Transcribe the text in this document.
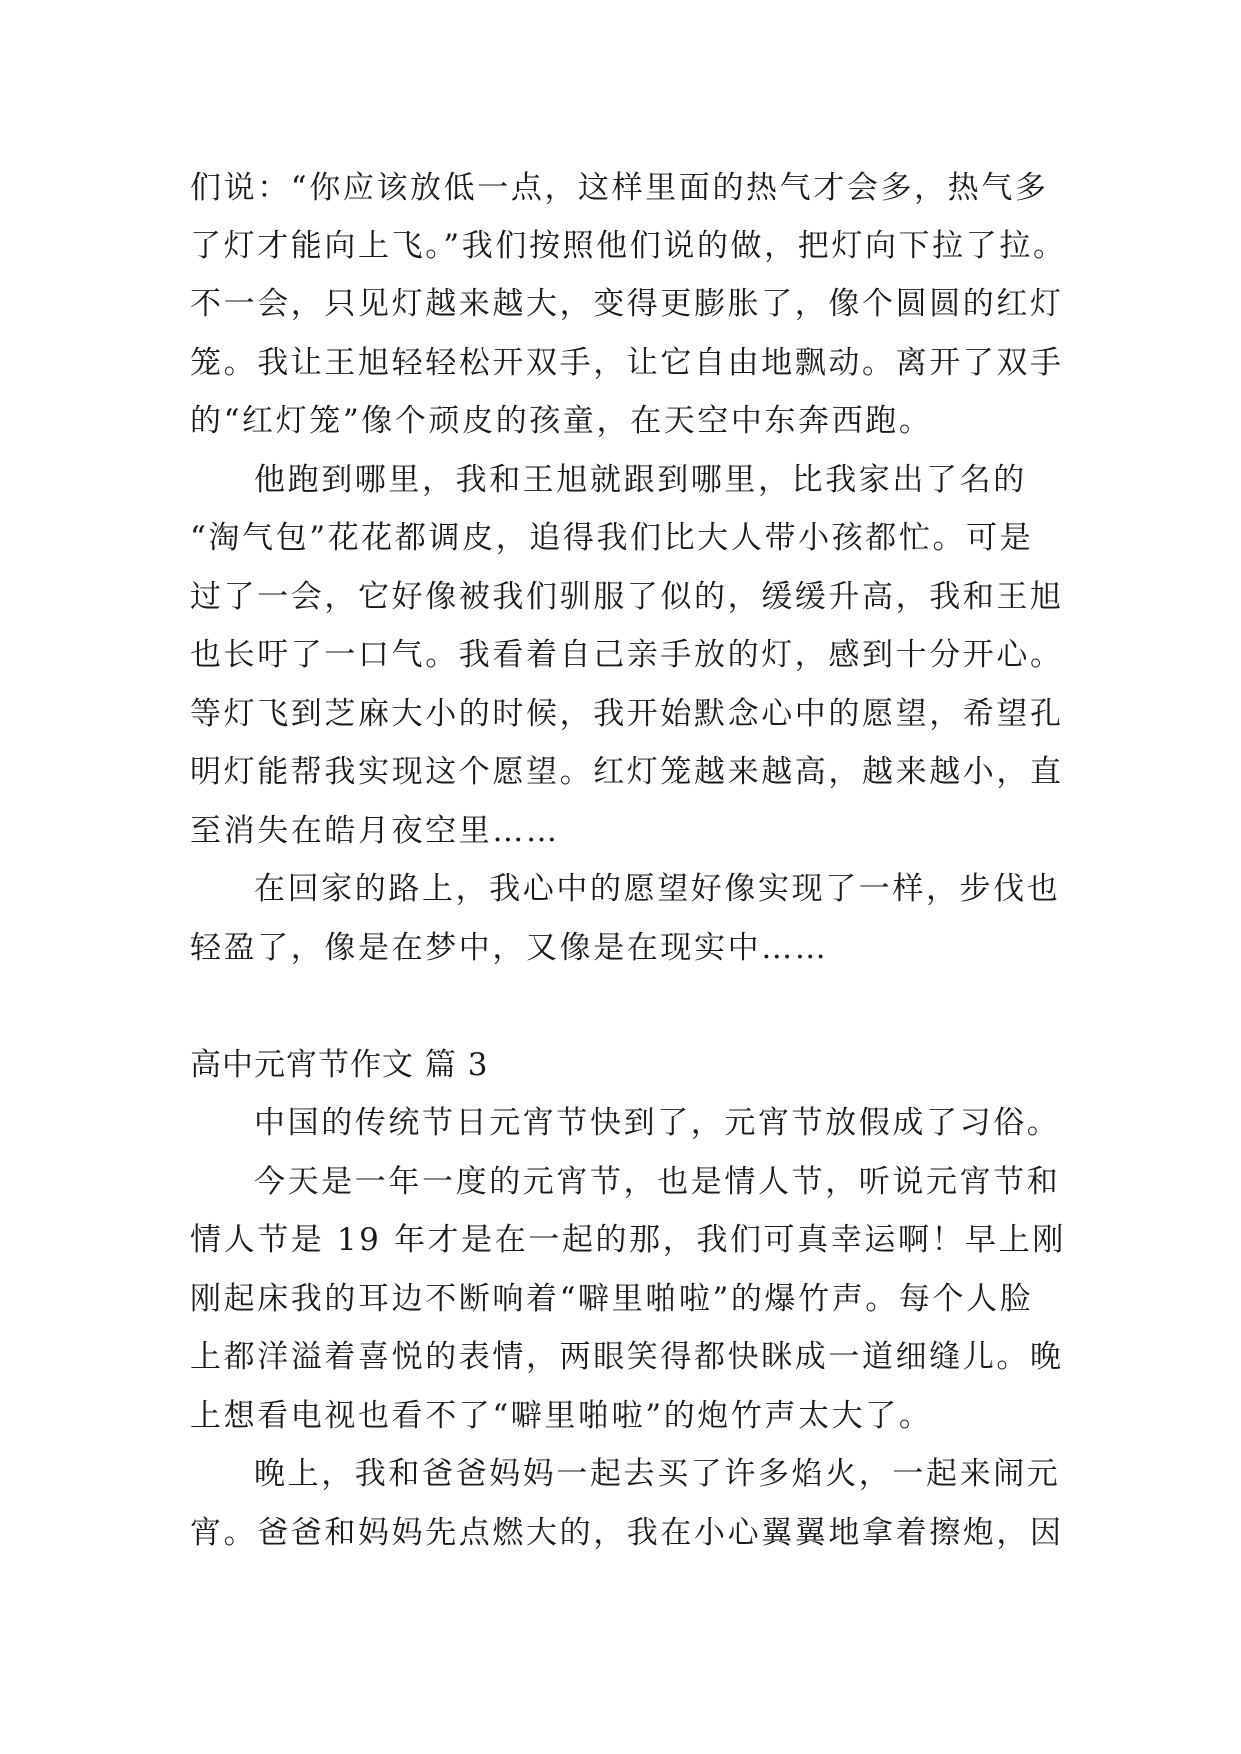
们说：“你应该放低一点，这样里面的热气才会多，热气多
了灯才能向上飞。”我们按照他们说的做，把灯向下拉了拉。
不一会，只见灯越来越大，变得更膨胀了，像个圆圆的红灯
笼。我让王旭轻轻松开双手，让它自由地飘动。离开了双手
的“红灯笼”像个顽皮的孩童，在天空中东奔西跑。
他跑到哪里，我和王旭就跟到哪里，比我家出了名的
“淘气包”花花都调皮，追得我们比大人带小孩都忙。可是
过了一会，它好像被我们驯服了似的，缓缓升高，我和王旭
也长吁了一口气。我看着自己亲手放的灯，感到十分开心。
等灯飞到芝麻大小的时候，我开始默念心中的愿望，希望孔
明灯能帮我实现这个愿望。红灯笼越来越高，越来越小，直
至消失在皓月夜空里……
在回家的路上，我心中的愿望好像实现了一样，步伐也
轻盈了，像是在梦中，又像是在现实中……
高中元宵节作文 篇 3
中国的传统节日元宵节快到了，元宵节放假成了习俗。
今天是一年一度的元宵节，也是情人节，听说元宵节和
情人节是 19 年才是在一起的那，我们可真幸运啊！早上刚
刚起床我的耳边不断响着“噼里啪啦”的爆竹声。每个人脸
上都洋溢着喜悦的表情，两眼笑得都快眯成一道细缝儿。晚
上想看电视也看不了“噼里啪啦”的炮竹声太大了。
晚上，我和爸爸妈妈一起去买了许多焰火，一起来闹元
宵。爸爸和妈妈先点燃大的，我在小心翼翼地拿着擦炮，因
